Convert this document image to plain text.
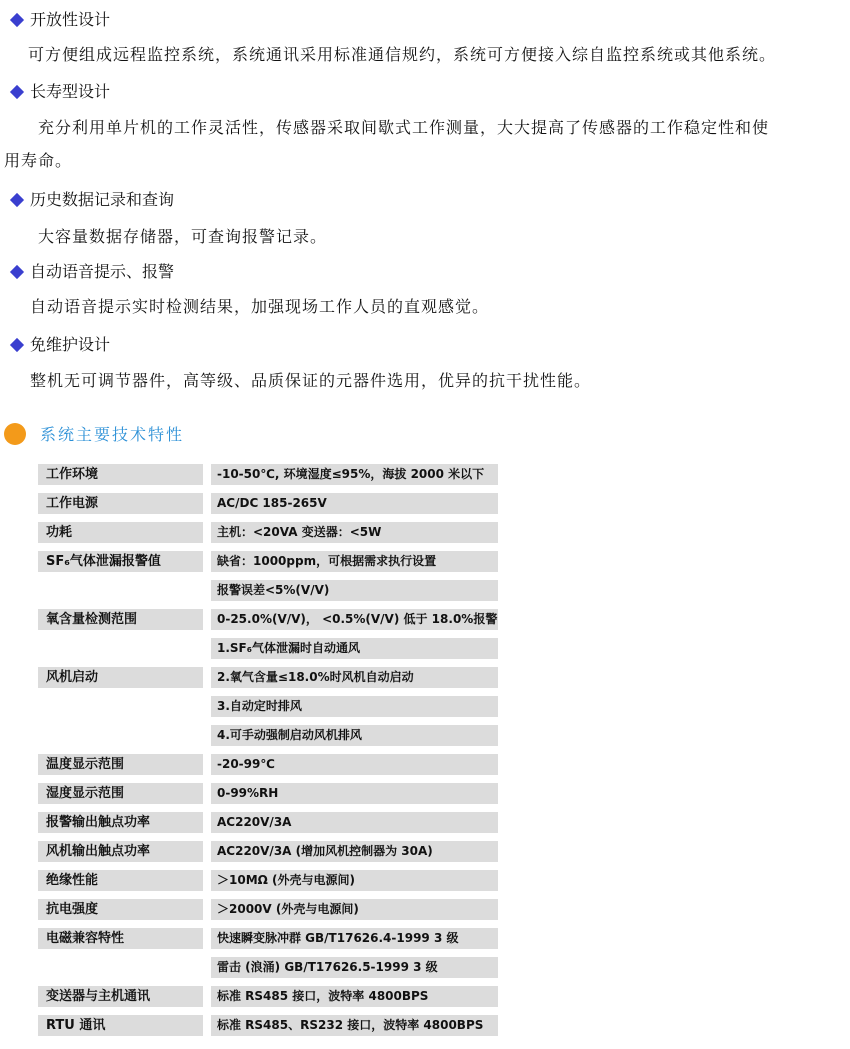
开放性设计
可方便组成远程监控系统，系统通讯采用标准通信规约，系统可方便接入综自监控系统或其他系统。
长寿型设计
充分利用单片机的工作灵活性，传感器采取间歇式工作测量，大大提高了传感器的工作稳定性和使
用寿命。
历史数据记录和查询
大容量数据存储器，可查询报警记录。
自动语音提示、报警
自动语音提示实时检测结果，加强现场工作人员的直观感觉。
免维护设计
整机无可调节器件，高等级、品质保证的元器件选用，优异的抗干扰性能。
系统主要技术特性
工作环境	-10-50℃, 环境湿度≤95%，海拔 2000 米以下
工作电源	AC/DC 185-265V
功耗	主机：<20VA 变送器：<5W
SF₆气体泄漏报警值	缺省：1000ppm，可根据需求执行设置
报警误差<5%(V/V)
氧含量检测范围	0-25.0%(V/V)， <0.5%(V/V) 低于 18.0%报警
1.SF₆气体泄漏时自动通风
风机启动	2.氧气含量≤18.0%时风机自动启动
3.自动定时排风
4.可手动强制启动风机排风
温度显示范围	-20-99℃
湿度显示范围	0-99%RH
报警输出触点功率	AC220V/3A
风机输出触点功率	AC220V/3A (增加风机控制器为 30A)
绝缘性能	＞10MΩ (外壳与电源间)
抗电强度	＞2000V (外壳与电源间)
电磁兼容特性	快速瞬变脉冲群 GB/T17626.4-1999 3 级
雷击 (浪涌) GB/T17626.5-1999 3 级
变送器与主机通讯	标准 RS485 接口，波特率 4800BPS
RTU 通讯	标准 RS485、RS232 接口，波特率 4800BPS
